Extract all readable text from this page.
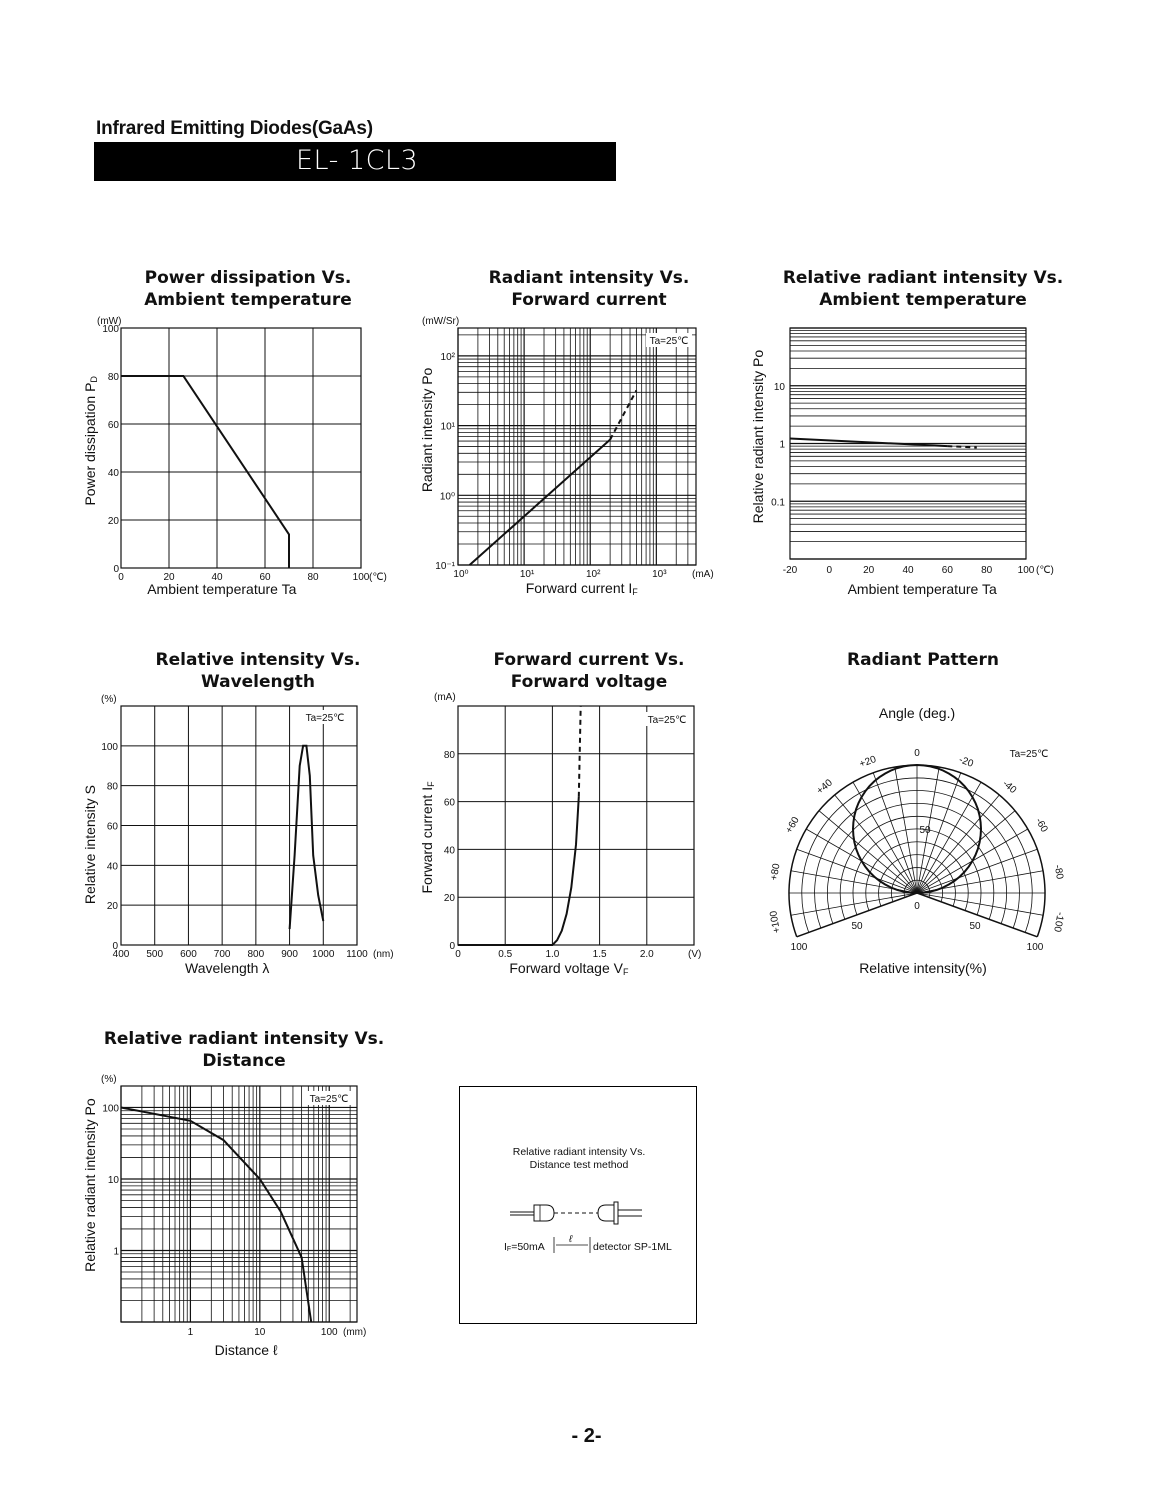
Infrared Emitting Diodes(GaAs)
EL- 1CL3
Power dissipation Vs.
Ambient temperature
Radiant intensity Vs.
Forward current
Relative radiant intensity Vs.
Ambient temperature
Relative intensity Vs.
Wavelength
Forward current Vs.
Forward voltage
Radiant Pattern
Relative radiant intensity Vs.
Distance
0	20	40	60	80	100
0
20
40
60
80
100
(mW)
(℃)
Ambient temperature Ta
Power dissipation PD
10⁰	10¹	10²	10³
10⁻¹
10⁰
10¹
10²
(mW/Sr)
(mA)
Ta=25℃
Forward current IF
Radiant intensity Po
-20	0	20	40	60	80	100
0.1
1
10
(℃)
Ambient temperature Ta
Relative radiant intensity Po
400 500 600 700 800 900 1000 1100
0
20
40
60
80
100
(%)
(nm)
Ta=25℃
Wavelength λ
Relative intensity S
0	0.5	1.0	1.5	2.0
0
20
40
60
80
(mA)
(V)
Ta=25℃
Forward voltage VF
Forward current IF
0
+20
+40
+60
+80
+100
-20
-40
-60
-80
-100
50
50	50
100	100
0
Angle (deg.)
Ta=25℃
Relative intensity(%)
1	10	100
1
10
100
(%)
(mm)
Ta=25℃
Distance ℓ
Relative radiant intensity Po	Relative radiant intensity Vs.
Distance test method
ℓ
IF=50mA	detector SP-1ML
- 2-
